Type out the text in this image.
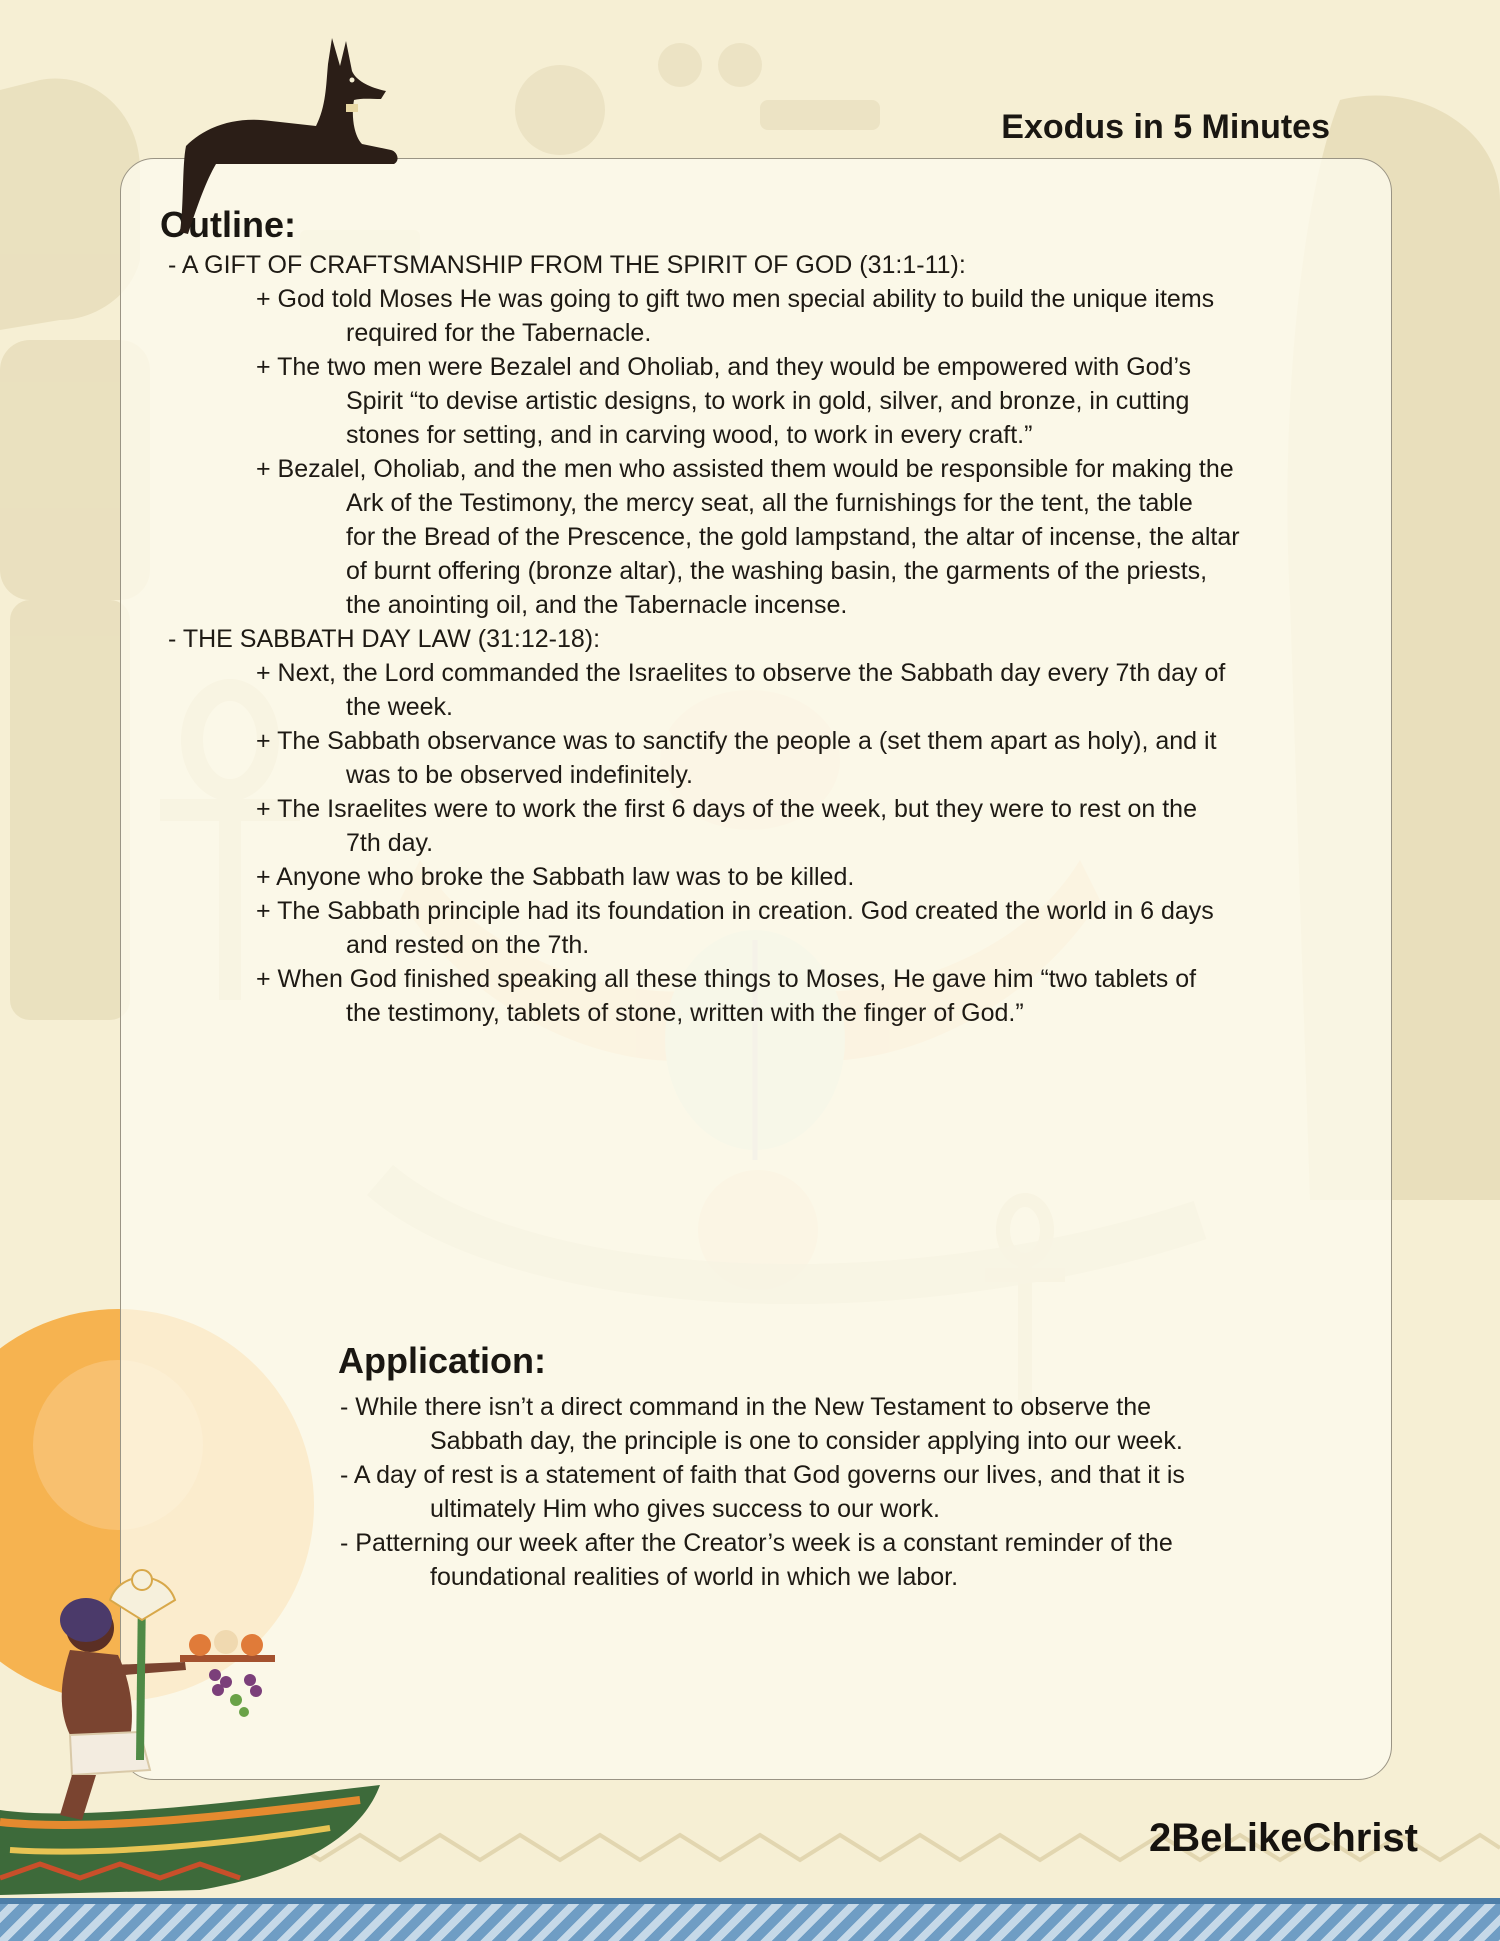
Exodus in 5 Minutes
Outline:

- A GIFT OF CRAFTSMANSHIP FROM THE SPIRIT OF GOD (31:1-11):

+ God told Moses He was going to gift two men special ability to build the unique items

required for the Tabernacle.

+ The two men were Bezalel and Oholiab, and they would be empowered with God’s

Spirit “to devise artistic designs, to work in gold, silver, and bronze, in cutting

stones for setting, and in carving wood, to work in every craft.”

+ Bezalel, Oholiab, and the men who assisted them would be responsible for making the

Ark of the Testimony, the mercy seat, all the furnishings for the tent, the table

for the Bread of the Prescence, the gold lampstand, the altar of incense, the altar

of burnt offering (bronze altar), the washing basin, the garments of the priests,

the anointing oil, and the Tabernacle incense.

- THE SABBATH DAY LAW (31:12-18):

+ Next, the Lord commanded the Israelites to observe the Sabbath day every 7th day of

the week.

+ The Sabbath observance was to sanctify the people a (set them apart as holy), and it

was to be observed indefinitely.

+ The Israelites were to work the first 6 days of the week, but they were to rest on the

7th day.

+ Anyone who broke the Sabbath law was to be killed.

+ The Sabbath principle had its foundation in creation. God created the world in 6 days

and rested on the 7th.

+ When God finished speaking all these things to Moses, He gave him “two tablets of

the testimony, tablets of stone, written with the finger of God.”

Application:

- While there isn’t a direct command in the New Testament to observe the

Sabbath day, the principle is one to consider applying into our week.

- A day of rest is a statement of faith that God governs our lives, and that it is

ultimately Him who gives success to our work.

- Patterning our week after the Creator’s week is a constant reminder of the

foundational realities of world in which we labor.

2BeLikeChrist
